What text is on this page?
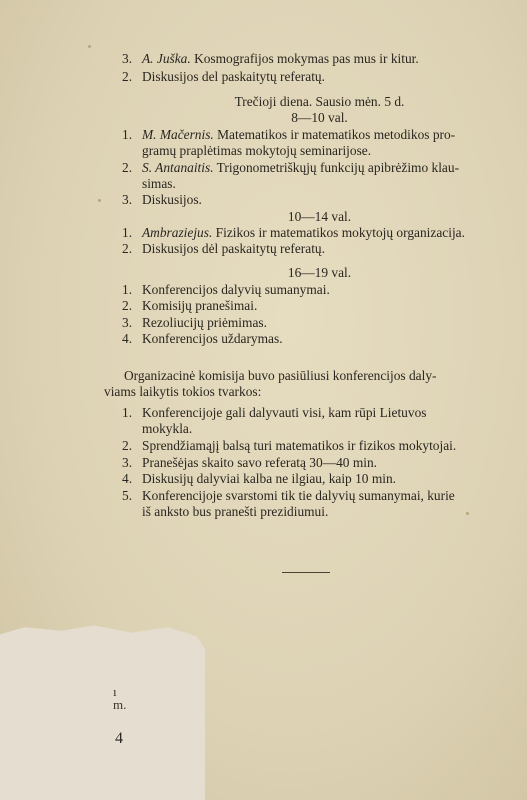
3. A. Juška. Kosmografijos mokymas pas mus ir kitur.
2. Diskusijos del paskaitytų referatų.
Trečioji diena. Sausio mėn. 5 d.
8—10 val.
1. M. Mačernis. Matematikos ir matematikos metodikos pro-
gramų praplėtimas mokytojų seminarijose.
2. S. Antanaitis. Trigonometriškųjų funkcijų apibrėžimo klau-
simas.
3. Diskusijos.
10—14 val.
1. Ambraziejus. Fizikos ir matematikos mokytojų organizacija.
2. Diskusijos dėl paskaitytų referatų.
16—19 val.
1. Konferencijos dalyvių sumanymai.
2. Komisijų pranešimai.
3. Rezoliucijų priėmimas.
4. Konferencijos uždarymas.
Organizacinė komisija buvo pasiūliusi konferencijos daly-
viams laikytis tokios tvarkos:
1. Konferencijoje gali dalyvauti visi, kam rūpi Lietuvos
mokykla.
2. Sprendžiamąjį balsą turi matematikos ir fizikos mokytojai.
3. Pranešėjas skaito savo referatą 30—40 min.
4. Diskusijų dalyviai kalba ne ilgiau, kaip 10 min.
5. Konferencijoje svarstomi tik tie dalyvių sumanymai, kurie
iš anksto bus pranešti prezidiumui.
ı
m.
4
